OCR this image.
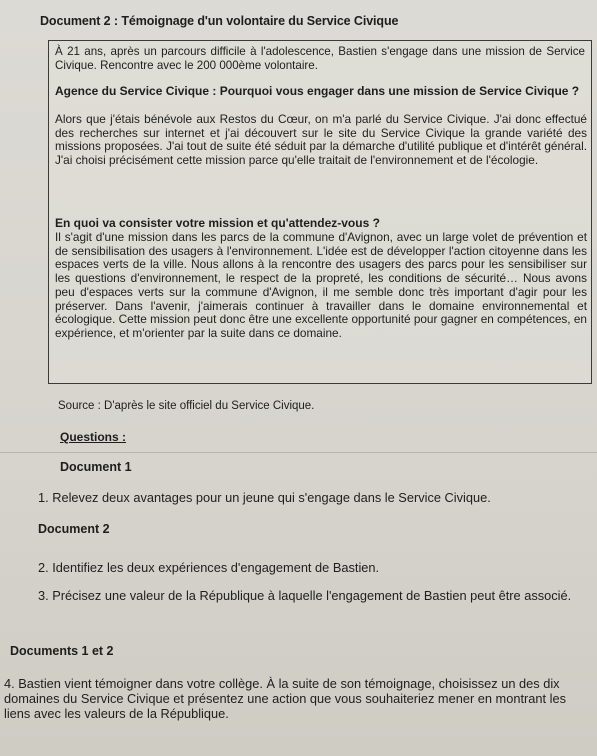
Document 2 : Témoignage d'un volontaire du Service Civique

À 21 ans, après un parcours difficile à l'adolescence, Bastien s'engage dans une mission de Service Civique. Rencontre avec le 200 000ème volontaire.

Agence du Service Civique : Pourquoi vous engager dans une mission de Service Civique ?

Alors que j'étais bénévole aux Restos du Cœur, on m'a parlé du Service Civique. J'ai donc effectué des recherches sur internet et j'ai découvert sur le site du Service Civique la grande variété des missions proposées. J'ai tout de suite été séduit par la démarche d'utilité publique et d'intérêt général. J'ai choisi précisément cette mission parce qu'elle traitait de l'environnement et de l'écologie.

En quoi va consister votre mission et qu'attendez-vous ?

Il s'agit d'une mission dans les parcs de la commune d'Avignon, avec un large volet de prévention et de sensibilisation des usagers à l'environnement. L'idée est de développer l'action citoyenne dans les espaces verts de la ville. Nous allons à la rencontre des usagers des parcs pour les sensibiliser sur les questions d'environnement, le respect de la propreté, les conditions de sécurité… Nous avons peu d'espaces verts sur la commune d'Avignon, il me semble donc très important d'agir pour les préserver. Dans l'avenir, j'aimerais continuer à travailler dans le domaine environnemental et écologique. Cette mission peut donc être une excellente opportunité pour gagner en compétences, en expérience, et m'orienter par la suite dans ce domaine.

Source : D'après le site officiel du Service Civique.
Questions :
Document 1
1. Relevez deux avantages pour un jeune qui s'engage dans le Service Civique.
Document 2
2. Identifiez les deux expériences d'engagement de Bastien.
3. Précisez une valeur de la République à laquelle l'engagement de Bastien peut être associé.
Documents 1 et 2
4. Bastien vient témoigner dans votre collège. À la suite de son témoignage, choisissez un des dix domaines du Service Civique et présentez une action que vous souhaiteriez mener en montrant les liens avec les valeurs de la République.
